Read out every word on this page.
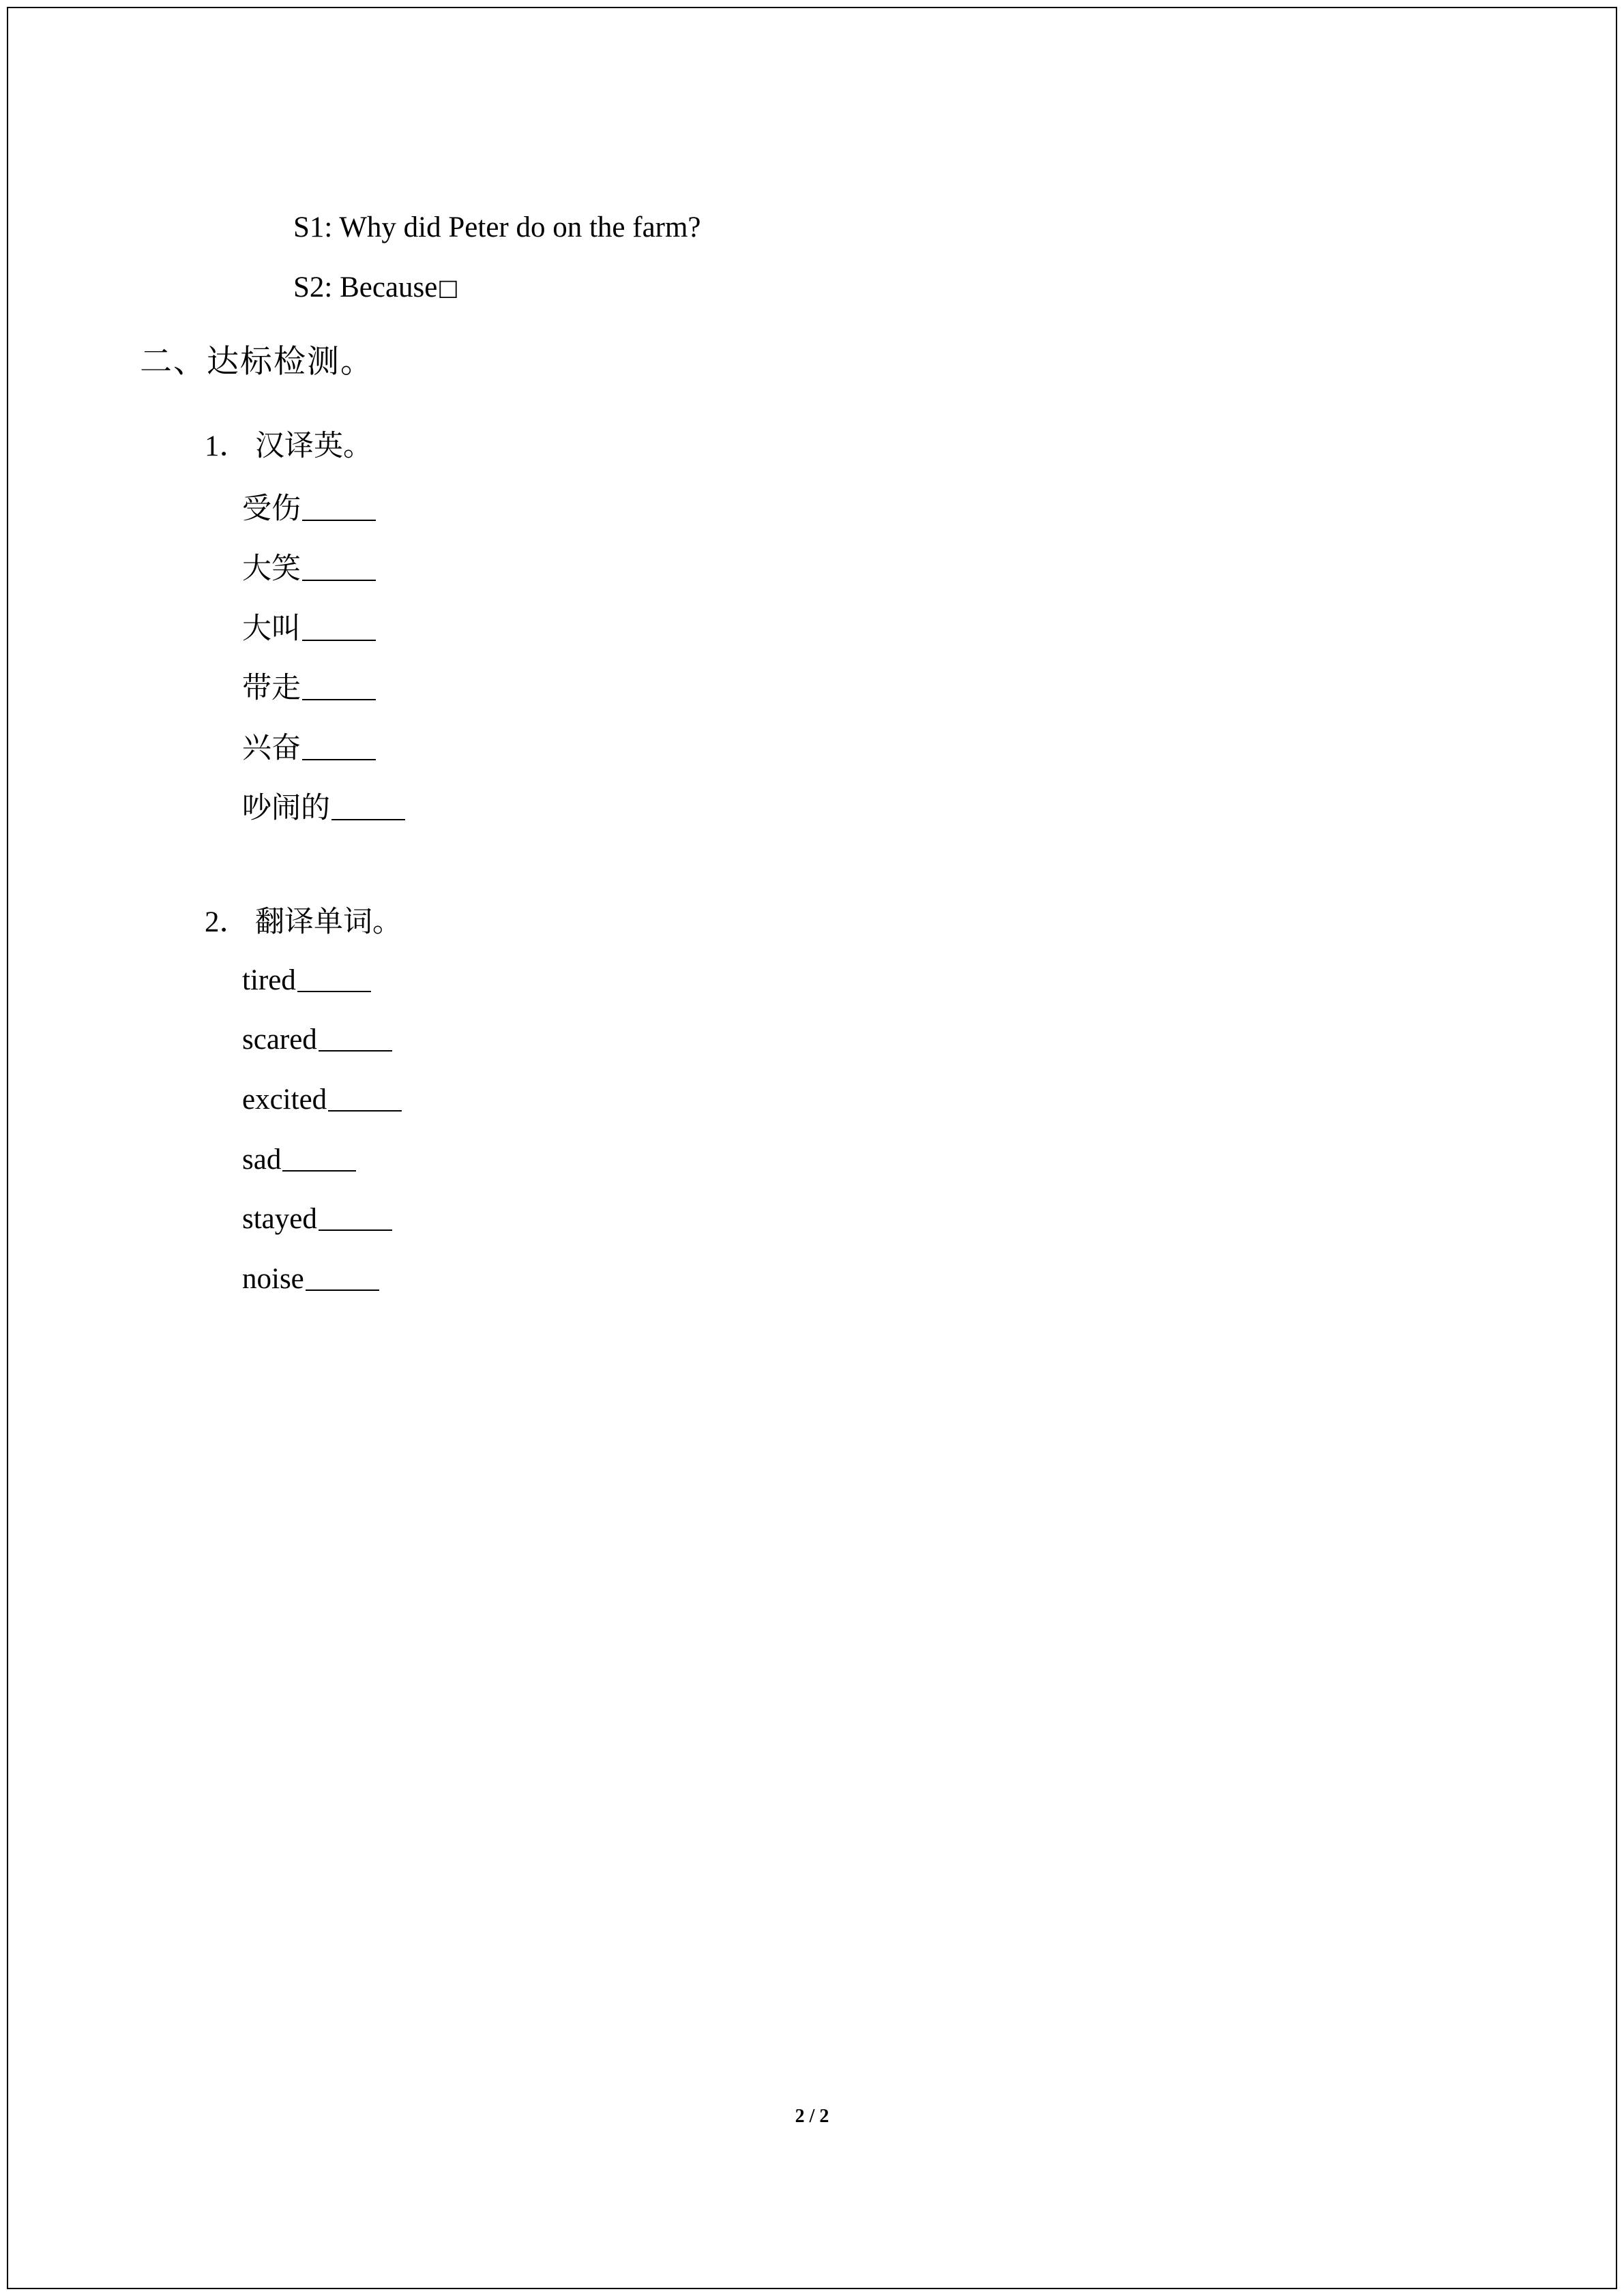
S1: Why did Peter do on the farm?
S2: Because□
二、达标检测。
1． 汉译英。
受伤
大笑
大叫
带走
兴奋
吵闹的
2． 翻译单词。
tired
scared
excited
sad
stayed
noise
2 / 2
